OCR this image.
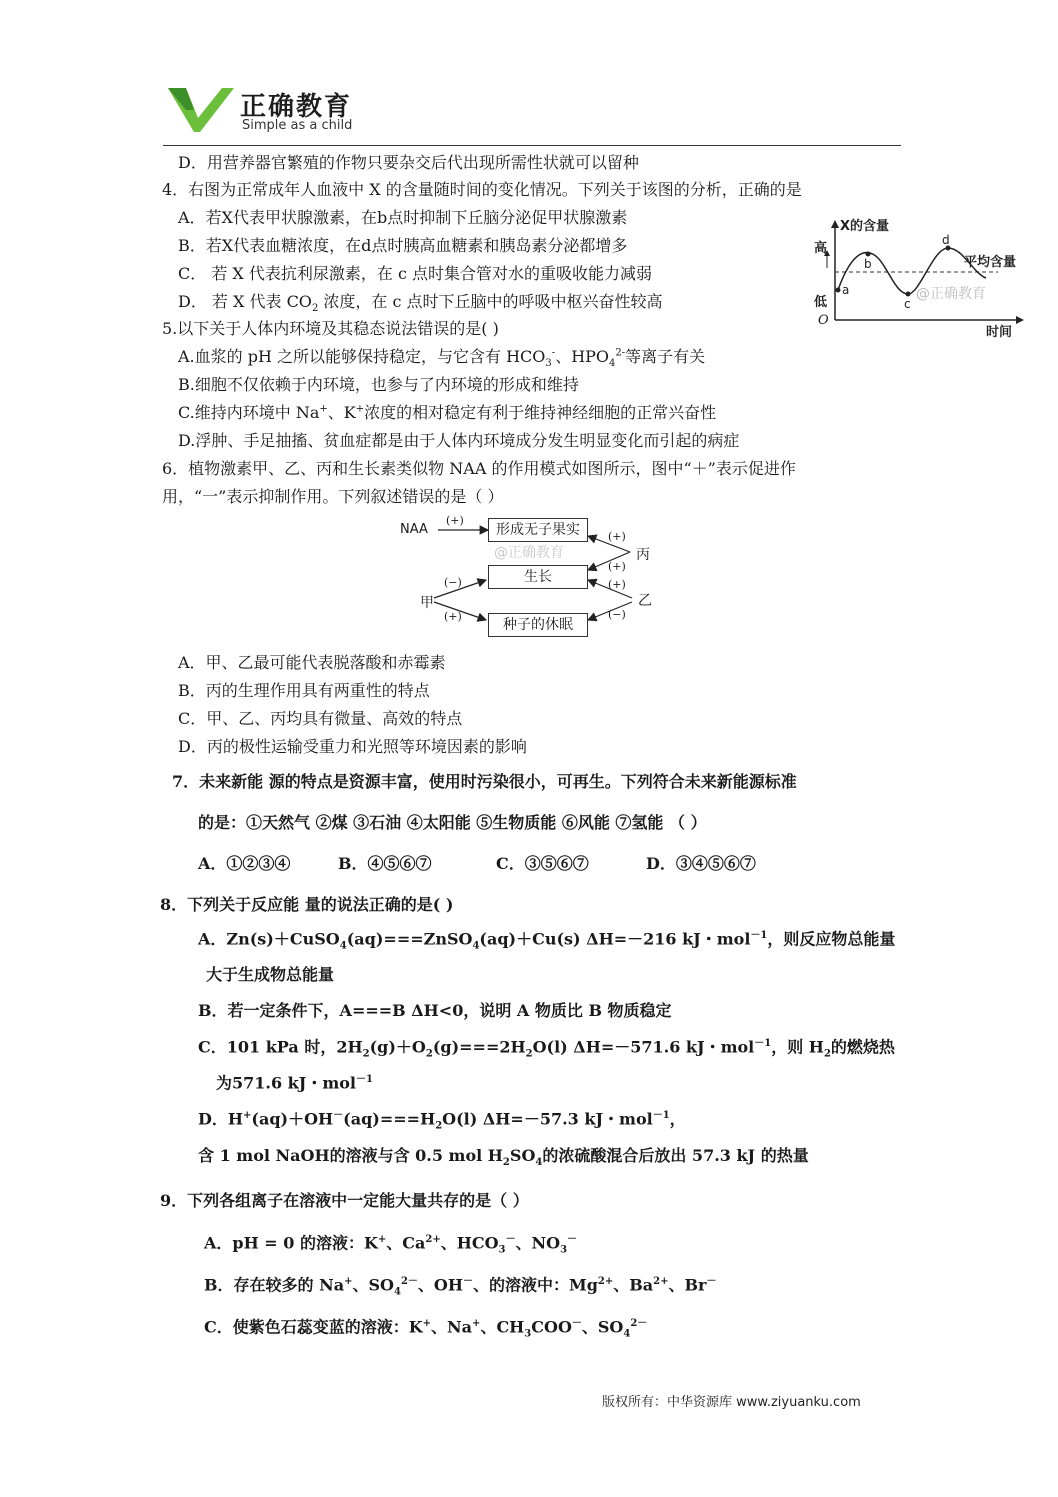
正确教育
Simple as a child
D．用营养器官繁殖的作物只要杂交后代出现所需性状就可以留种
4．右图为正常成年人血液中 X 的含量随时间的变化情况。下列关于该图的分析，正确的是
A．若X代表甲状腺激素，在b点时抑制下丘脑分泌促甲状腺激素
B．若X代表血糖浓度，在d点时胰高血糖素和胰岛素分泌都增多
C． 若 X 代表抗利尿激素，在 c 点时集合管对水的重吸收能力减弱
D． 若 X 代表 $CO_2$ 浓度，在 c 点时下丘脑中的呼吸中枢兴奋性较高
X的含量
高
低
O
时间
平均含量
a
b
c
d
@正确教育
5.以下关于人体内环境及其稳态说法错误的是( )
A.血浆的 pH 之所以能够保持稳定，与它含有 $HCO_3^-$、$HPO_4^{2-}$等离子有关
B.细胞不仅依赖于内环境，也参与了内环境的形成和维持
C.维持内环境中 Na+、K+浓度的相对稳定有利于维持神经细胞的正常兴奋性
D.浮肿、手足抽搐、贫血症都是由于人体内环境成分发生明显变化而引起的病症
6．植物激素甲、乙、丙和生长素类似物 NAA 的作用模式如图所示，图中“＋”表示促进作
用，“一”表示抑制作用。下列叙述错误的是（ ）
NAA
(+)
形成无子果实
@正确教育
(+)
丙
(+)
生长
(−)	(+)
甲	乙
(+)	(−)
种子的休眠
A．甲、乙最可能代表脱落酸和赤霉素
B．丙的生理作用具有两重性的特点
C．甲、乙、丙均具有微量、高效的特点
D．丙的极性运输受重力和光照等环境因素的影响
7．未来新能 源的特点是资源丰富，使用时污染很小，可再生。下列符合未来新能源标准
的是：①天然气 ②煤 ③石油 ④太阳能 ⑤生物质能 ⑥风能 ⑦氢能 （ ）
A．①②③④	B．④⑤⑥⑦	C．③⑤⑥⑦	D．③④⑤⑥⑦
8．下列关于反应能 量的说法正确的是( )
A．Zn(s)＋CuSO$_4$(aq)===ZnSO$_4$(aq)＋Cu(s) ΔH=－216 kJ・mol$^{-1}$，则反应物总能量
大于生成物总能量
B．若一定条件下，A===B ΔH<0，说明 A 物质比 B 物质稳定
C．101 kPa 时，$2H_2(g)+O_2(g)===2H_2O(l)$ ΔH=－571.6 kJ・mol$^{-1}$，则 $H_2$的燃烧热
为571.6 kJ・mol$^{-1}$
D．$H^+(aq)+OH^-(aq)===H_2O(l)$ ΔH=－57.3 kJ・mol$^{-1}$，
含 1 mol NaOH的溶液与含 0.5 mol $H_2SO_4$的浓硫酸混合后放出 57.3 kJ 的热量
9．下列各组离子在溶液中一定能大量共存的是（ ）
A．pH = 0 的溶液：K+、$Ca^{2+}$、$HCO_3^-$、$NO_3^-$
B．存在较多的 Na+、$SO_4^{2-}$、OH－、的溶液中：$Mg^{2+}$、$Ba^{2+}$、Br－
C．使紫色石蕊变蓝的溶液：K+、Na+、$CH_3COO^-$、$SO_4^{2-}$
版权所有：中华资源库 www.ziyuanku.com
